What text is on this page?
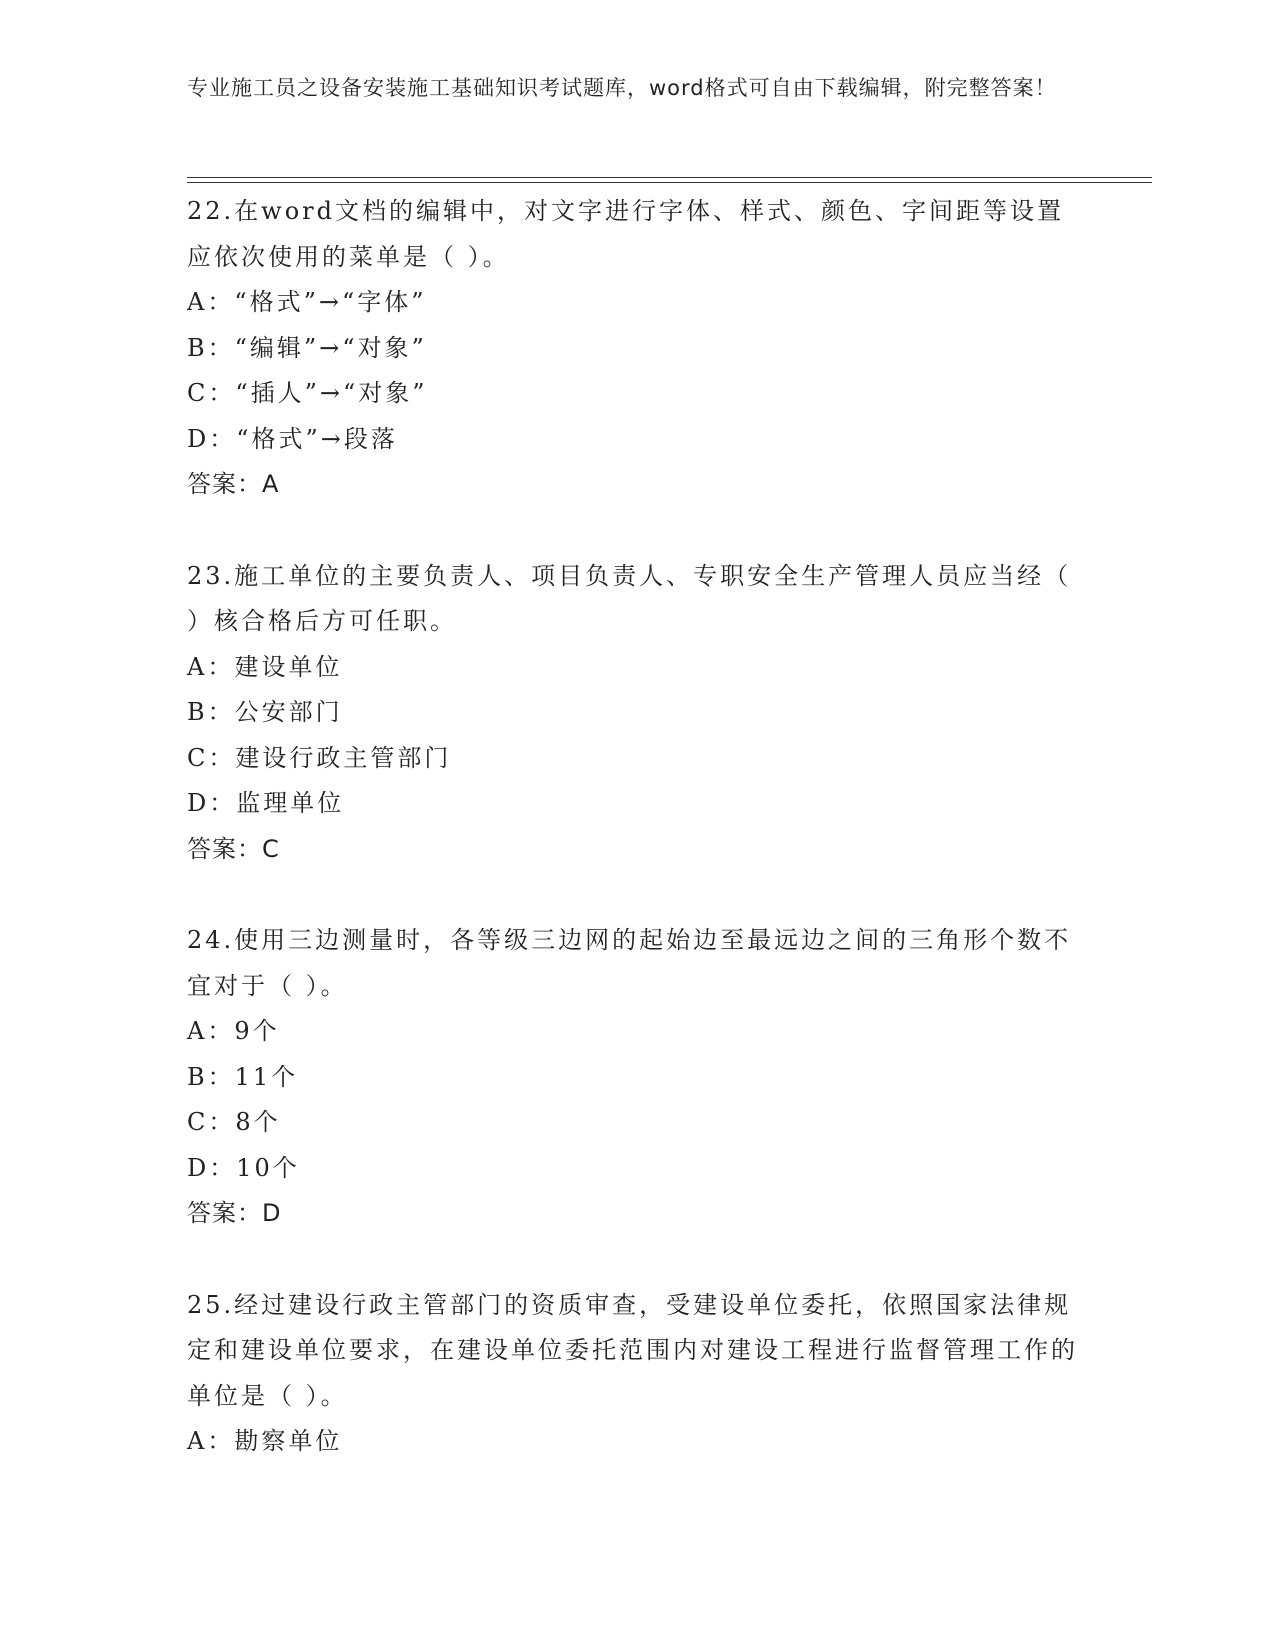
专业施工员之设备安装施工基础知识考试题库，word格式可自由下载编辑，附完整答案！
22.在word文档的编辑中，对文字进行字体、样式、颜色、字间距等设置应依次使用的菜单是（ ）。
A：“格式”→“字体”
B：“编辑”→“对象”
C：“插人”→“对象”
D：“格式”→段落
答案：A
23.施工单位的主要负责人、项目负责人、专职安全生产管理人员应当经（ ）核合格后方可任职。
A：建设单位
B：公安部门
C：建设行政主管部门
D：监理单位
答案：C
24.使用三边测量时，各等级三边网的起始边至最远边之间的三角形个数不宜对于（ ）。
A：9个
B：11个
C：8个
D：10个
答案：D
25.经过建设行政主管部门的资质审查，受建设单位委托，依照国家法律规定和建设单位要求，在建设单位委托范围内对建设工程进行监督管理工作的单位是（ ）。
A：勘察单位
